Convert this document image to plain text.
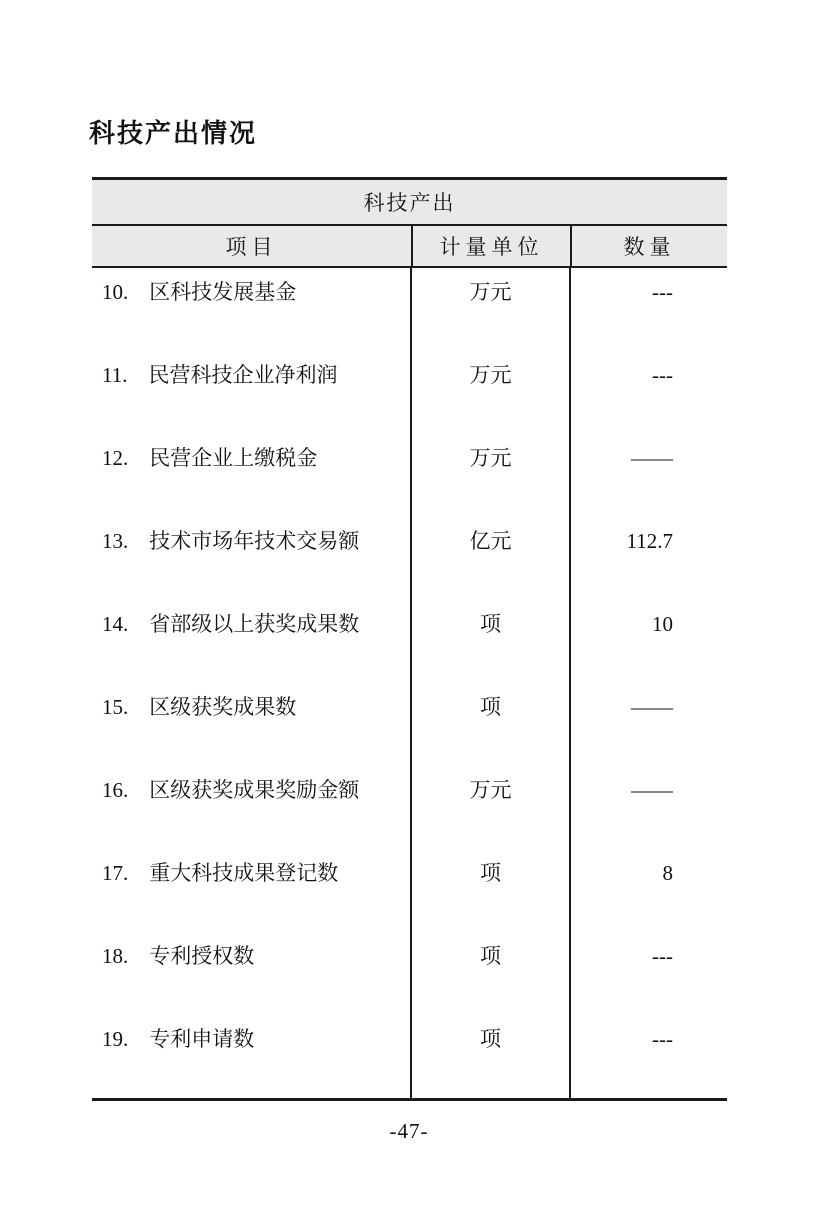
科技产出情况
科技产出
项目	计量单位	数量
10. 区科技发展基金	万元	---
11. 民营科技企业净利润	万元	---
12. 民营企业上缴税金	万元	——
13. 技术市场年技术交易额	亿元	112.7
14. 省部级以上获奖成果数	项	10
15. 区级获奖成果数	项	——
16. 区级获奖成果奖励金额	万元	——
17. 重大科技成果登记数	项	8
18. 专利授权数	项	---
19. 专利申请数	项	---
-47-
